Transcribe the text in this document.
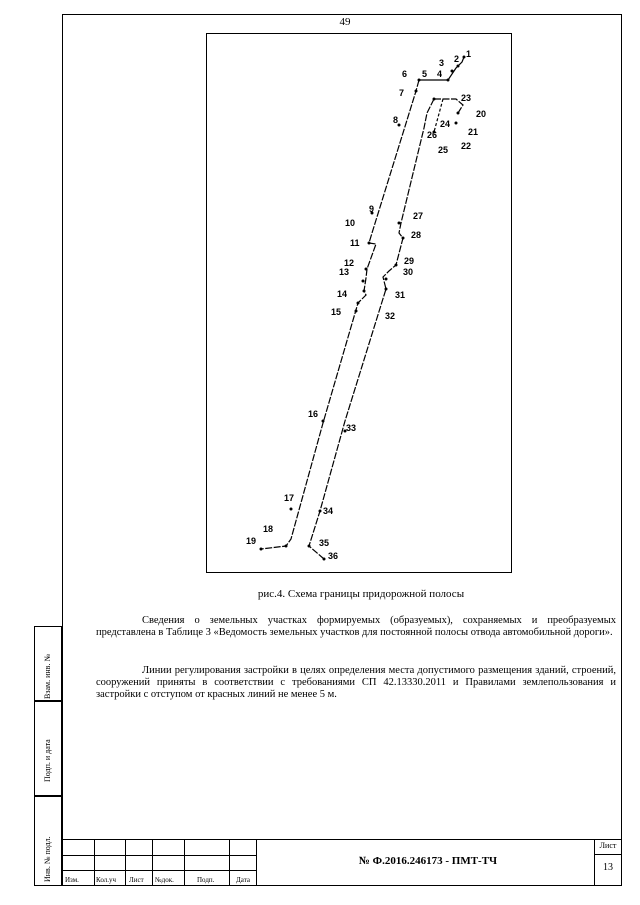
49
1
2
3
4
5
6
7
8
9
10
11
12
13
14
15
16
17
18
19
20
21
22
23
24
25
26
27
28
29
30
31
32
33
34
35
36
рис.4. Схема границы придорожной полосы
Сведения о земельных участках формируемых (образуемых), сохраняемых и преобразуемых представлена в Таблице 3 «Ведомость земельных участков для постоянной полосы отвода автомобильной дороги».
Линии регулирования застройки в целях определения места допустимого размещения зданий, строений, сооружений приняты в соответствии с требованиями СП 42.13330.2011 и Правилами землепользования и застройки с отступом от красных линий не менее 5 м.
Взам. инв. №
Подп. и дата
Инв. № подл. Изм. Кол.уч Лист №док.	Подп.	Дата
№ Ф.2016.246173 - ПМТ-ТЧ
Лист
13
